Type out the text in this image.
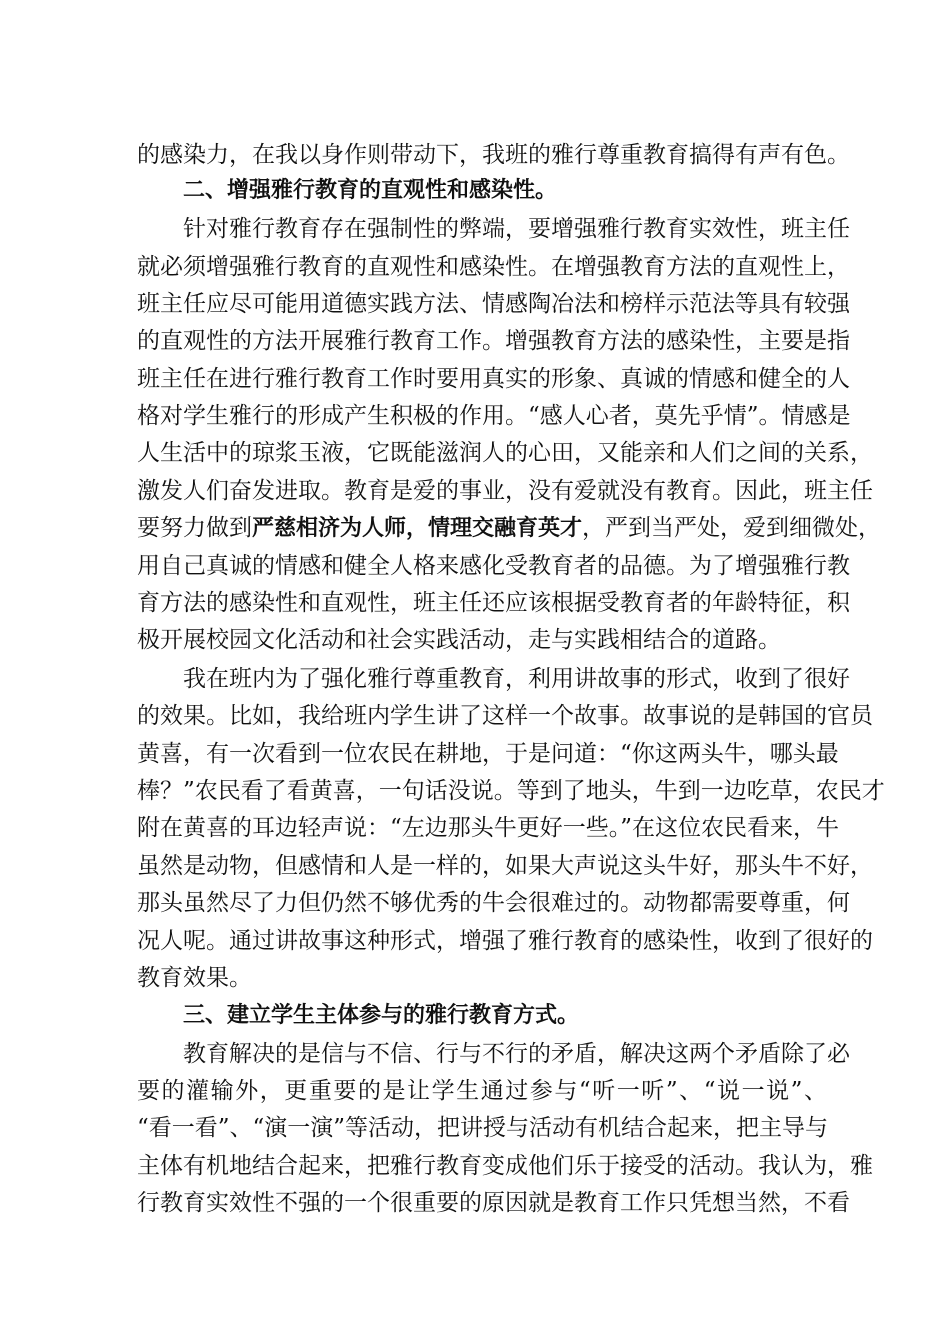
的感染力，在我以身作则带动下，我班的雅行尊重教育搞得有声有色。
二、增强雅行教育的直观性和感染性。
针对雅行教育存在强制性的弊端，要增强雅行教育实效性，班主任
就必须增强雅行教育的直观性和感染性。在增强教育方法的直观性上，
班主任应尽可能用道德实践方法、情感陶冶法和榜样示范法等具有较强
的直观性的方法开展雅行教育工作。增强教育方法的感染性，主要是指
班主任在进行雅行教育工作时要用真实的形象、真诚的情感和健全的人
格对学生雅行的形成产生积极的作用。“感人心者，莫先乎情”。情感是
人生活中的琼浆玉液，它既能滋润人的心田，又能亲和人们之间的关系，
激发人们奋发进取。教育是爱的事业，没有爱就没有教育。因此，班主任
要努力做到严慈相济为人师，情理交融育英才，严到当严处，爱到细微处，
用自己真诚的情感和健全人格来感化受教育者的品德。为了增强雅行教
育方法的感染性和直观性，班主任还应该根据受教育者的年龄特征，积
极开展校园文化活动和社会实践活动，走与实践相结合的道路。
我在班内为了强化雅行尊重教育，利用讲故事的形式，收到了很好
的效果。比如，我给班内学生讲了这样一个故事。故事说的是韩国的官员
黄喜，有一次看到一位农民在耕地，于是问道：“你这两头牛，哪头最
棒？”农民看了看黄喜，一句话没说。等到了地头，牛到一边吃草，农民才
附在黄喜的耳边轻声说：“左边那头牛更好一些。”在这位农民看来，牛
虽然是动物，但感情和人是一样的，如果大声说这头牛好，那头牛不好，
那头虽然尽了力但仍然不够优秀的牛会很难过的。动物都需要尊重，何
况人呢。通过讲故事这种形式，增强了雅行教育的感染性，收到了很好的
教育效果。
三、建立学生主体参与的雅行教育方式。
教育解决的是信与不信、行与不行的矛盾，解决这两个矛盾除了必
要的灌输外，更重要的是让学生通过参与“听一听”、“说一说”、
“看一看”、“演一演”等活动，把讲授与活动有机结合起来，把主导与
主体有机地结合起来，把雅行教育变成他们乐于接受的活动。我认为，雅
行教育实效性不强的一个很重要的原因就是教育工作只凭想当然，不看
